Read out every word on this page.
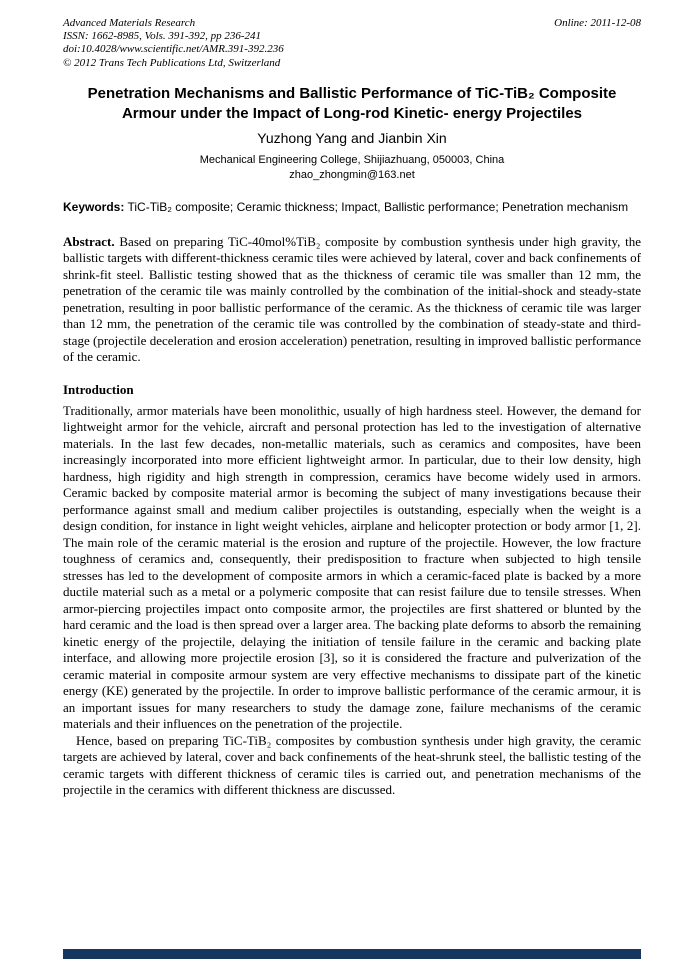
Advanced Materials Research
ISSN: 1662-8985, Vols. 391-392, pp 236-241
doi:10.4028/www.scientific.net/AMR.391-392.236
© 2012 Trans Tech Publications Ltd, Switzerland
Online: 2011-12-08
Penetration Mechanisms and Ballistic Performance of TiC-TiB₂ Composite Armour under the Impact of Long-rod Kinetic- energy Projectiles
Yuzhong Yang and Jianbin Xin
Mechanical Engineering College, Shijiazhuang, 050003, China
zhao_zhongmin@163.net

Keywords: TiC-TiB₂ composite; Ceramic thickness; Impact, Ballistic performance; Penetration mechanism

Abstract. Based on preparing TiC-40mol%TiB₂ composite by combustion synthesis under high gravity, the ballistic targets with different-thickness ceramic tiles were achieved by lateral, cover and back confinements of shrink-fit steel. Ballistic testing showed that as the thickness of ceramic tile was smaller than 12 mm, the penetration of the ceramic tile was mainly controlled by the combination of the initial-shock and steady-state penetration, resulting in poor ballistic performance of the ceramic. As the thickness of ceramic tile was larger than 12 mm, the penetration of the ceramic tile was controlled by the combination of steady-state and third-stage (projectile deceleration and erosion acceleration) penetration, resulting in improved ballistic performance of the ceramic.

Introduction

Traditionally, armor materials have been monolithic, usually of high hardness steel. However, the demand for lightweight armor for the vehicle, aircraft and personal protection has led to the investigation of alternative materials. In the last few decades, non-metallic materials, such as ceramics and composites, have been increasingly incorporated into more efficient lightweight armor. In particular, due to their low density, high hardness, high rigidity and high strength in compression, ceramics have become widely used in armors. Ceramic backed by composite material armor is becoming the subject of many investigations because their performance against small and medium caliber projectiles is outstanding, especially when the weight is a design condition, for instance in light weight vehicles, airplane and helicopter protection or body armor [1, 2]. The main role of the ceramic material is the erosion and rupture of the projectile. However, the low fracture toughness of ceramics and, consequently, their predisposition to fracture when subjected to high tensile stresses has led to the development of composite armors in which a ceramic-faced plate is backed by a more ductile material such as a metal or a polymeric composite that can resist failure due to tensile stresses. When armor-piercing projectiles impact onto composite armor, the projectiles are first shattered or blunted by the hard ceramic and the load is then spread over a larger area. The backing plate deforms to absorb the remaining kinetic energy of the projectile, delaying the initiation of tensile failure in the ceramic and backing plate interface, and allowing more projectile erosion [3], so it is considered the fracture and pulverization of the ceramic material in composite armour system are very effective mechanisms to dissipate part of the kinetic energy (KE) generated by the projectile. In order to improve ballistic performance of the ceramic armour, it is an important issues for many researchers to study the damage zone, failure mechanisms of the ceramic materials and their influences on the penetration of the projectile.

Hence, based on preparing TiC-TiB₂ composites by combustion synthesis under high gravity, the ceramic targets are achieved by lateral, cover and back confinements of the heat-shrunk steel, the ballistic testing of the ceramic targets with different thickness of ceramic tiles is carried out, and penetration mechanisms of the projectile in the ceramics with different thickness are discussed.
